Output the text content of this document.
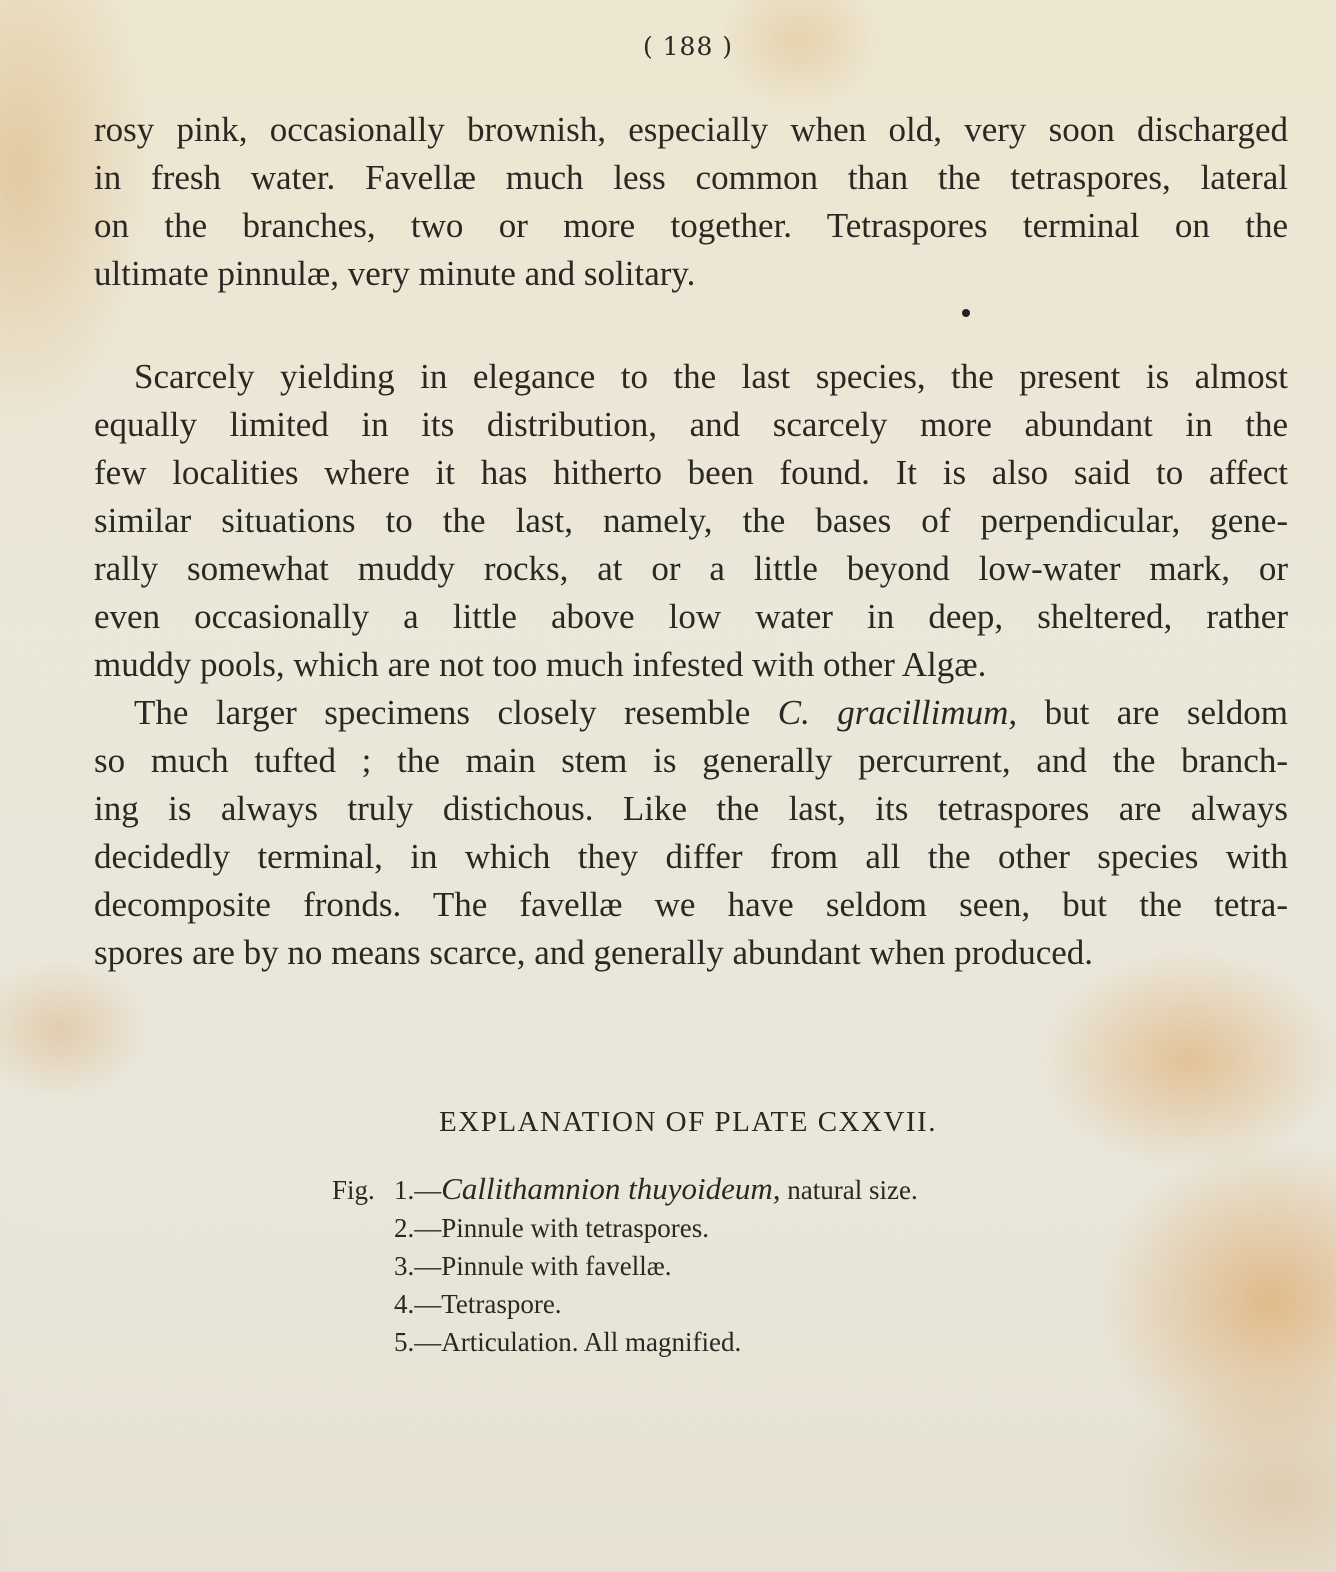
( 188 )
rosy pink, occasionally brownish, especially when old, very soon discharged
in fresh water. Favellæ much less common than the tetraspores, lateral
on the branches, two or more together. Tetraspores terminal on the
ultimate pinnulæ, very minute and solitary.
Scarcely yielding in elegance to the last species, the present is almost
equally limited in its distribution, and scarcely more abundant in the
few localities where it has hitherto been found. It is also said to affect
similar situations to the last, namely, the bases of perpendicular, gene-
rally somewhat muddy rocks, at or a little beyond low-water mark, or
even occasionally a little above low water in deep, sheltered, rather
muddy pools, which are not too much infested with other Algæ.
The larger specimens closely resemble C. gracillimum, but are seldom
so much tufted ; the main stem is generally percurrent, and the branch-
ing is always truly distichous. Like the last, its tetraspores are always
decidedly terminal, in which they differ from all the other species with
decomposite fronds. The favellæ we have seldom seen, but the tetra-
spores are by no means scarce, and generally abundant when produced.
EXPLANATION OF PLATE CXXVII.
Fig. 1.—Callithamnion thuyoideum, natural size.
2.—Pinnule with tetraspores.
3.—Pinnule with favellæ.
4.—Tetraspore.
5.—Articulation. All magnified.
